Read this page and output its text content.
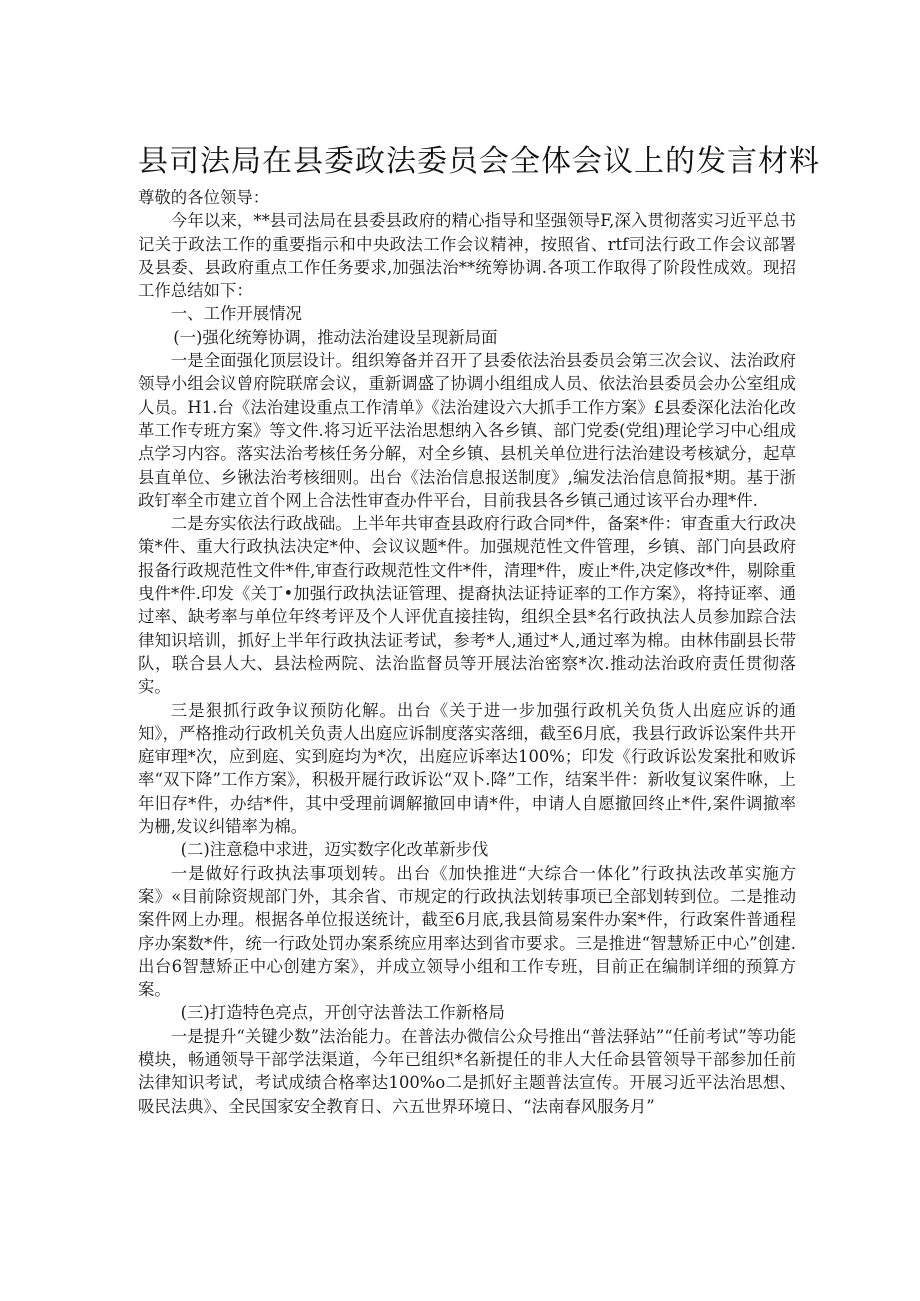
县司法局在县委政法委员会全体会议上的发言材料

尊敬的各位领导：

今年以来，**县司法局在县委县政府的精心指导和坚强领导F,深入贯彻落实习近平总书记关于政法工作的重要指示和中央政法工作会议精神，按照省、rtf司法行政工作会议部署及县委、县政府重点工作任务要求,加强法治**统筹协调.各项工作取得了阶段性成效。现招工作总结如下：

一、工作开展情况

(一)强化统筹协调，推动法治建设呈现新局面

一是全面强化顶层设计。组织筹备并召开了县委依法治县委员会第三次会议、法治政府领导小组会议曾府院联席会议，重新调盛了协调小组组成人员、依法治县委员会办公室组成人员。H1.台《法治建设重点工作清单》《法治建设六大抓手工作方案》£县委深化法治化改革工作专班方案》等文件.将习近平法治思想纳入各乡镇、部门党委(党组)理论学习中心组成点学习内容。落实法治考核任务分解，对全乡镇、县机关单位进行法治建设考核斌分，起草县直单位、乡锹法治考核细则。出台《法治信息报送制度》,编发法治信息简报*期。基于浙政钉率全市建立首个网上合法性审查办件平台，目前我县各乡镇己通过该平台办理*件.

二是夯实依法行政战础。上半年共审查县政府行政合同*件，备案*件：审査重大行政决策*件、重大行政执法决定*仲、会议议题*件。加强规范性文件管理，乡镇、部门向县政府报备行政规范性文件*件,审查行政规范性文件*件，清理*件，废止*件,决定修改*件，剔除重曳件*件.印发《关丁•加强行政执法证管理、提裔执法证持证率的工作方案》，将持证率、通过率、缺考率与单位年终考评及个人评优直接挂钩，组织全县*名行政执法人员参加踪合法律知识培训，抓好上半年行政执法证考试，参考*人,通过*人,通过率为棉。由林伟副县长带队，联合县人大、县法检两院、法治监督员等开展法治密察*次.推动法治政府责任贯彻落实。

三是狠抓行政争议预防化解。出台《关于进一步加强行政机关负货人出庭应诉的通知》，严格推动行政机关负责人出庭应诉制度落实落细，截至6月底，我县行政诉讼案件共开庭审理*次，应到庭、实到庭均为*次，出庭应诉率达100%；印发《行政诉讼发案批和败诉率“双下降”工作方案》，积极开屣行政诉讼“双卜.降”工作，结案半件：新收复议案件咻，上年旧存*件，办结*件，其中受理前调解撤回申请*件，申请人自愿撤回终止*件,案件调撤率为栅,发议纠错率为棉。

(二)注意稳中求进，迈实数字化改革新步伐

一是做好行政执法事项划转。出台《加快推进“大综合一体化”行政执法改革实施方案》«目前除资规部门外，其余省、市规定的行政执法划转事项已全部划转到位。二是推动案件网上办理。根据各单位报送统计，截至6月底,我县简易案件办案*件，行政案件普通程序办案数*件，统一行政处罚办案系统应用率达到省市要求。三是推进“智慧矫正中心”创建.出台6智慧矫正中心创建方案》，并成立领导小组和工作专班，目前正在编制详细的预算方案。

(三)打造特色亮点，开创守法普法工作新格局

一是提升“关键少数”法治能力。在普法办微信公众号推出“普法驿站”“任前考试”等功能模块，畅通领导干部学法渠道，今年已组织*名新提任的非人大任命县管领导干部参加任前法律知识考试，考试成绩合格率达100%o二是抓好主题普法宣传。开展习近平法治思想、吸民法典》、全民国家安全教育日、六五世界环境日、“法南春风服务月”
